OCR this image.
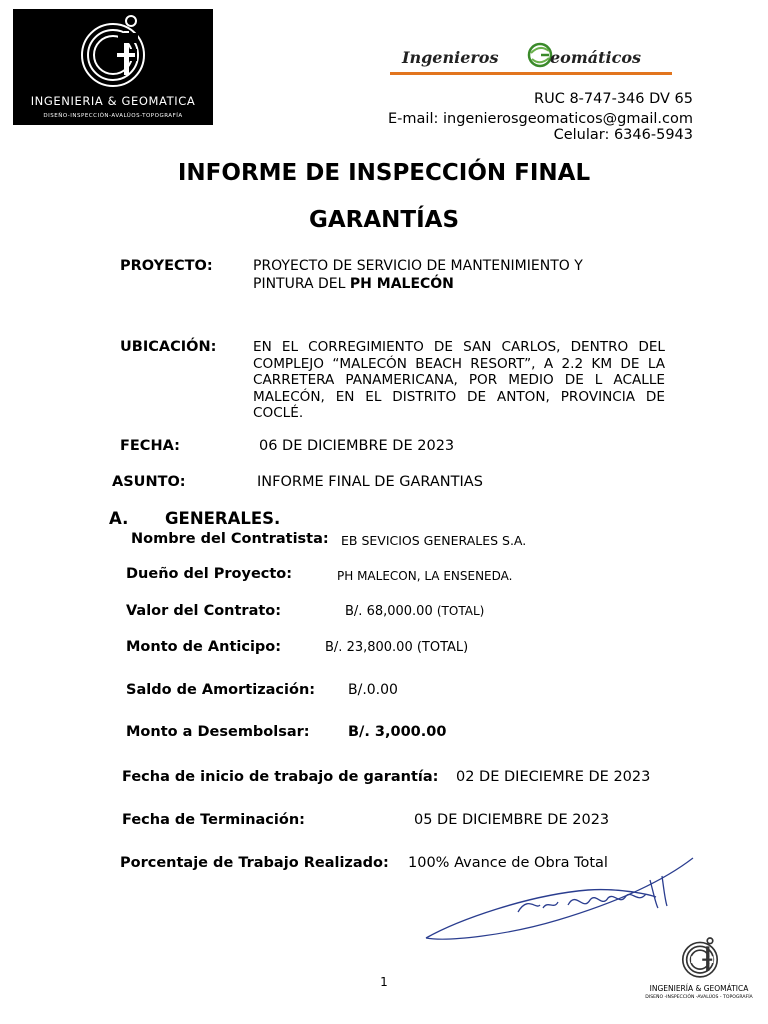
INGENIERIA & GEOMATICA
DISEÑO-INSPECCIÓN-AVALÚOS-TOPOGRAFÍA
Ingenieros	eomáticos
RUC 8-747-346 DV 65
E-mail: ingenierosgeomaticos@gmail.com
Celular: 6346-5943
INFORME DE INSPECCIÓN FINAL
GARANTÍAS
PROYECTO:	PROYECTO DE SERVICIO DE MANTENIMIENTO Y
PINTURA DEL PH MALECÓN
UBICACIÓN:	EN EL CORREGIMIENTO DE SAN CARLOS, DENTRO DEL COMPLEJO “MALECÓN BEACH RESORT”, A 2.2 KM DE LA CARRETERA PANAMERICANA, POR MEDIO DE L ACALLE MALECÓN, EN EL DISTRITO DE ANTON, PROVINCIA DE COCLÉ.
FECHA:	06 DE DICIEMBRE DE 2023
ASUNTO:	INFORME FINAL DE GARANTIAS
A. GENERALES.
Nombre del Contratista: EB SEVICIOS GENERALES S.A.
Dueño del Proyecto:	PH MALECON, LA ENSENEDA.
Valor del Contrato:	B/. 68,000.00 (TOTAL)
Monto de Anticipo:	B/. 23,800.00 (TOTAL)
Saldo de Amortización: B/.0.00
Monto a Desembolsar:	B/. 3,000.00
Fecha de inicio de trabajo de garantía: 02 DE DIECIEMRE DE 2023
Fecha de Terminación:	05 DE DICIEMBRE DE 2023
Porcentaje de Trabajo Realizado: 100% Avance de Obra Total
1	INGENIERÍA & GEOMÁTICA
DISEÑO -INSPECCIÓN -AVALÚOS - TOPOGRAFÍA
